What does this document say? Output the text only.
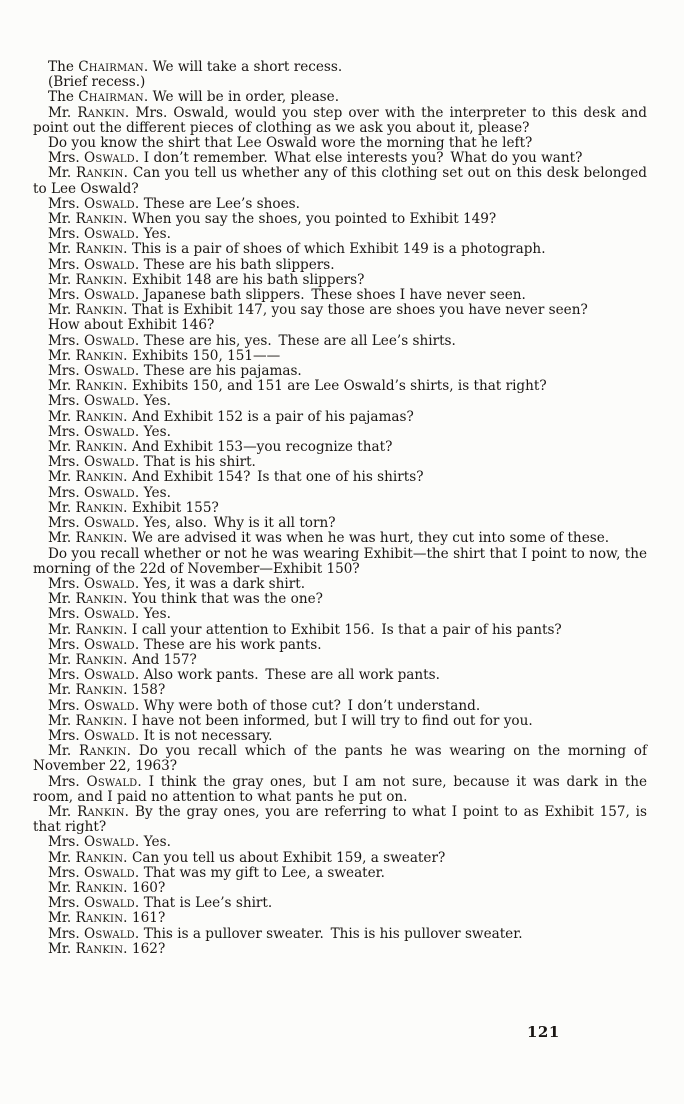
The Chairman. We will take a short recess.

(Brief recess.)

The Chairman. We will be in order, please.

Mr. Rankin. Mrs. Oswald, would you step over with the interpreter to this desk and point out the different pieces of clothing as we ask you about it, please?

Do you know the shirt that Lee Oswald wore the morning that he left?

Mrs. Oswald. I don’t remember. What else interests you? What do you want?

Mr. Rankin. Can you tell us whether any of this clothing set out on this desk belonged to Lee Oswald?

Mrs. Oswald. These are Lee’s shoes.

Mr. Rankin. When you say the shoes, you pointed to Exhibit 149?

Mrs. Oswald. Yes.

Mr. Rankin. This is a pair of shoes of which Exhibit 149 is a photograph.

Mrs. Oswald. These are his bath slippers.

Mr. Rankin. Exhibit 148 are his bath slippers?

Mrs. Oswald. Japanese bath slippers. These shoes I have never seen.

Mr. Rankin. That is Exhibit 147, you say those are shoes you have never seen?

How about Exhibit 146?

Mrs. Oswald. These are his, yes. These are all Lee’s shirts.

Mr. Rankin. Exhibits 150, 151——

Mrs. Oswald. These are his pajamas.

Mr. Rankin. Exhibits 150, and 151 are Lee Oswald’s shirts, is that right?

Mrs. Oswald. Yes.

Mr. Rankin. And Exhibit 152 is a pair of his pajamas?

Mrs. Oswald. Yes.

Mr. Rankin. And Exhibit 153—you recognize that?

Mrs. Oswald. That is his shirt.

Mr. Rankin. And Exhibit 154? Is that one of his shirts?

Mrs. Oswald. Yes.

Mr. Rankin. Exhibit 155?

Mrs. Oswald. Yes, also. Why is it all torn?

Mr. Rankin. We are advised it was when he was hurt, they cut into some of these.

Do you recall whether or not he was wearing Exhibit—the shirt that I point to now, the morning of the 22d of November—Exhibit 150?

Mrs. Oswald. Yes, it was a dark shirt.

Mr. Rankin. You think that was the one?

Mrs. Oswald. Yes.

Mr. Rankin. I call your attention to Exhibit 156. Is that a pair of his pants?

Mrs. Oswald. These are his work pants.

Mr. Rankin. And 157?

Mrs. Oswald. Also work pants. These are all work pants.

Mr. Rankin. 158?

Mrs. Oswald. Why were both of those cut? I don’t understand.

Mr. Rankin. I have not been informed, but I will try to find out for you.

Mrs. Oswald. It is not necessary.

Mr. Rankin. Do you recall which of the pants he was wearing on the morning of November 22, 1963?

Mrs. Oswald. I think the gray ones, but I am not sure, because it was dark in the room, and I paid no attention to what pants he put on.

Mr. Rankin. By the gray ones, you are referring to what I point to as Exhibit 157, is that right?

Mrs. Oswald. Yes.

Mr. Rankin. Can you tell us about Exhibit 159, a sweater?

Mrs. Oswald. That was my gift to Lee, a sweater.

Mr. Rankin. 160?

Mrs. Oswald. That is Lee’s shirt.

Mr. Rankin. 161?

Mrs. Oswald. This is a pullover sweater. This is his pullover sweater.

Mr. Rankin. 162?

121
